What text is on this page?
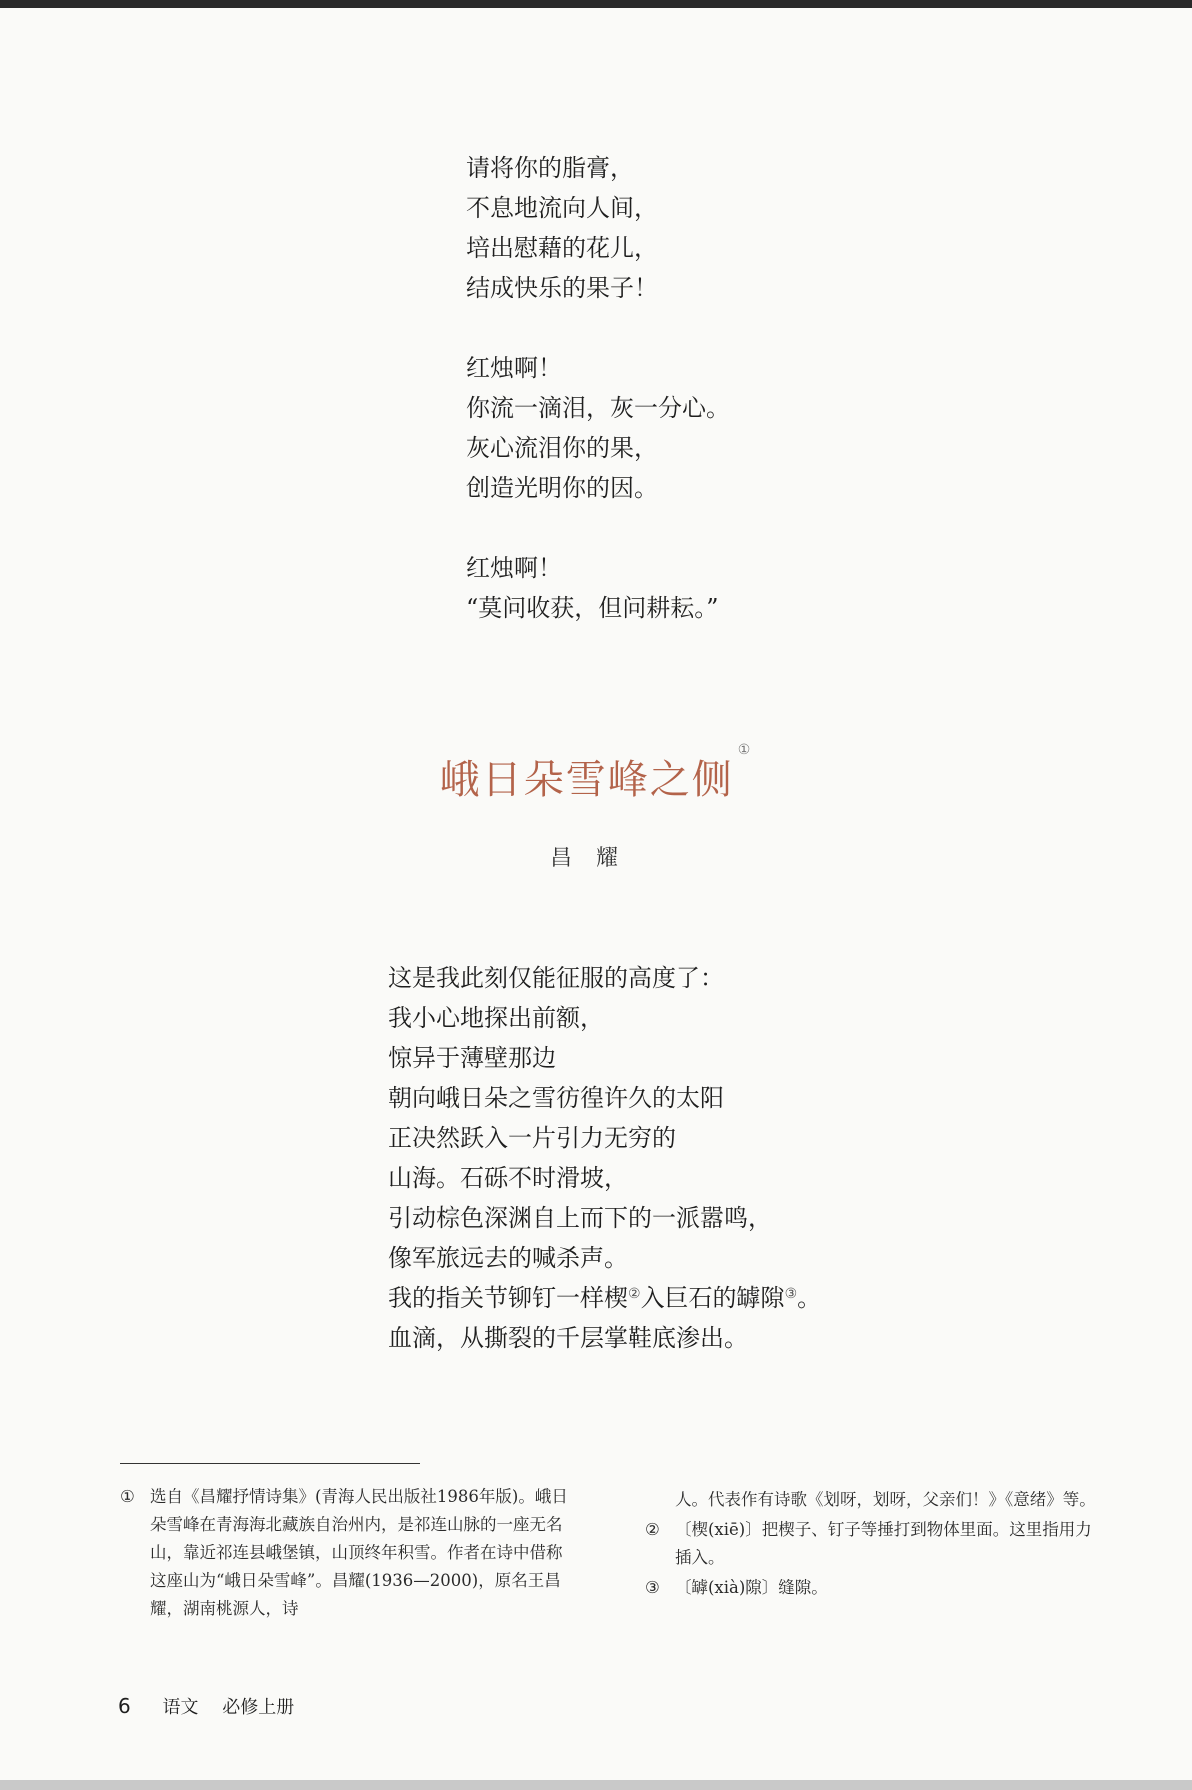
请将你的脂膏，
不息地流向人间，
培出慰藉的花儿，
结成快乐的果子！
红烛啊！
你流一滴泪，灰一分心。
灰心流泪你的果，
创造光明你的因。
红烛啊！
“莫问收获，但问耕耘。”
峨日朵雪峰之侧①
昌耀
这是我此刻仅能征服的高度了：
我小心地探出前额，
惊异于薄壁那边
朝向峨日朵之雪彷徨许久的太阳
正决然跃入一片引力无穷的
山海。石砾不时滑坡，
引动棕色深渊自上而下的一派嚣鸣，
像军旅远去的喊杀声。
我的指关节铆钉一样楔②入巨石的罅隙③。
血滴，从撕裂的千层掌鞋底渗出。
① 选自《昌耀抒情诗集》(青海人民出版社1986年版)。峨日朵雪峰在青海海北藏族自治州内，是祁连山脉的一座无名山，靠近祁连县峨堡镇，山顶终年积雪。作者在诗中借称这座山为“峨日朵雪峰”。昌耀(1936—2000)，原名王昌耀，湖南桃源人，诗
人。代表作有诗歌《划呀，划呀，父亲们！》《意绪》等。
② 〔楔(xiē)〕把楔子、钉子等捶打到物体里面。这里指用力插入。
③ 〔罅(xià)隙〕缝隙。
6 语文 必修上册
